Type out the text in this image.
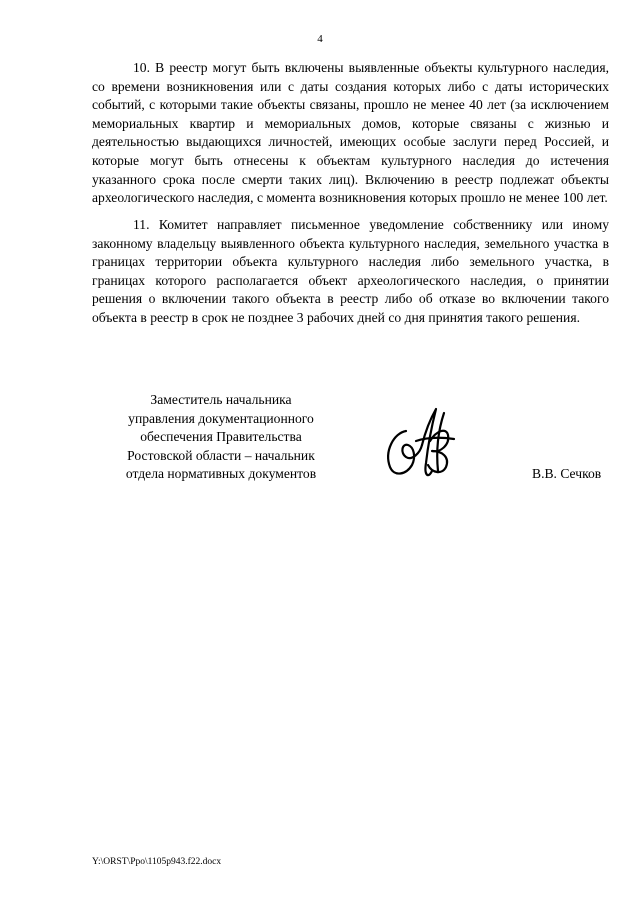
4

10. В реестр могут быть включены выявленные объекты культурного наследия, со времени возникновения или с даты создания которых либо с даты исторических событий, с которыми такие объекты связаны, прошло не менее 40 лет (за исключением мемориальных квартир и мемориальных домов, которые связаны с жизнью и деятельностью выдающихся личностей, имеющих особые заслуги перед Россией, и которые могут быть отнесены к объектам культурного наследия до истечения указанного срока после смерти таких лиц). Включению в реестр подлежат объекты археологического наследия, с момента возникновения которых прошло не менее 100 лет.

11. Комитет направляет письменное уведомление собственнику или иному законному владельцу выявленного объекта культурного наследия, земельного участка в границах территории объекта культурного наследия либо земельного участка, в границах которого располагается объект археологического наследия, о принятии решения о включении такого объекта в реестр либо об отказе во включении такого объекта в реестр в срок не позднее 3 рабочих дней со дня принятия такого решения.

Заместитель начальника
управления документационного
обеспечения Правительства
Ростовской области – начальник
отдела нормативных документов	В.В. Сечков
Y:\ORST\Ppo\1105p943.f22.docx
